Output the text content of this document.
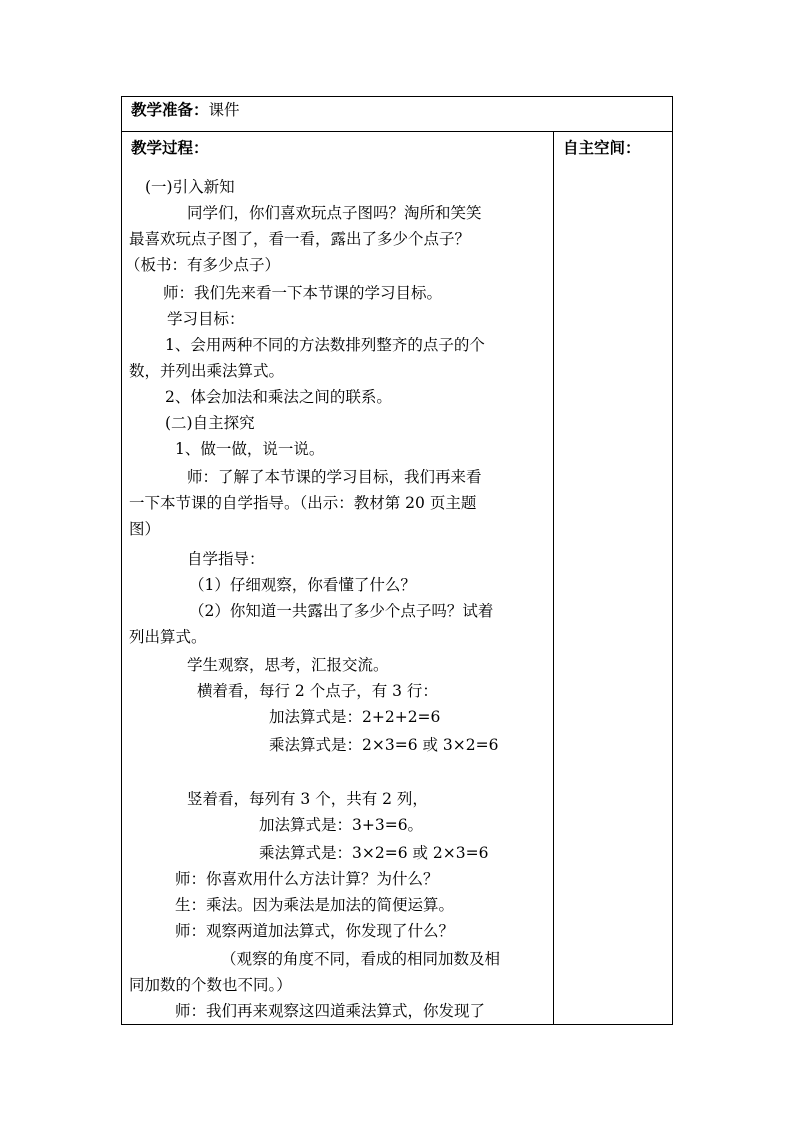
教学准备：课件
教学过程：	自主空间：
(一)引入新知
同学们，你们喜欢玩点子图吗？淘所和笑笑
最喜欢玩点子图了，看一看，露出了多少个点子？
（板书：有多少点子）
师：我们先来看一下本节课的学习目标。
学习目标：
1、会用两种不同的方法数排列整齐的点子的个
数，并列出乘法算式。
2、体会加法和乘法之间的联系。
(二)自主探究
1、做一做，说一说。
师：了解了本节课的学习目标，我们再来看
一下本节课的自学指导。（出示：教材第 20 页主题
图）
自学指导：
（1）仔细观察，你看懂了什么？
（2）你知道一共露出了多少个点子吗？试着
列出算式。
学生观察，思考，汇报交流。
横着看，每行 2 个点子，有 3 行：
加法算式是：2+2+2=6
乘法算式是：2×3=6 或 3×2=6
竖着看，每列有 3 个，共有 2 列，
加法算式是：3+3=6。
乘法算式是：3×2=6 或 2×3=6
师：你喜欢用什么方法计算？为什么？
生：乘法。因为乘法是加法的简便运算。
师：观察两道加法算式，你发现了什么？
（观察的角度不同，看成的相同加数及相
同加数的个数也不同。）
师：我们再来观察这四道乘法算式，你发现了
